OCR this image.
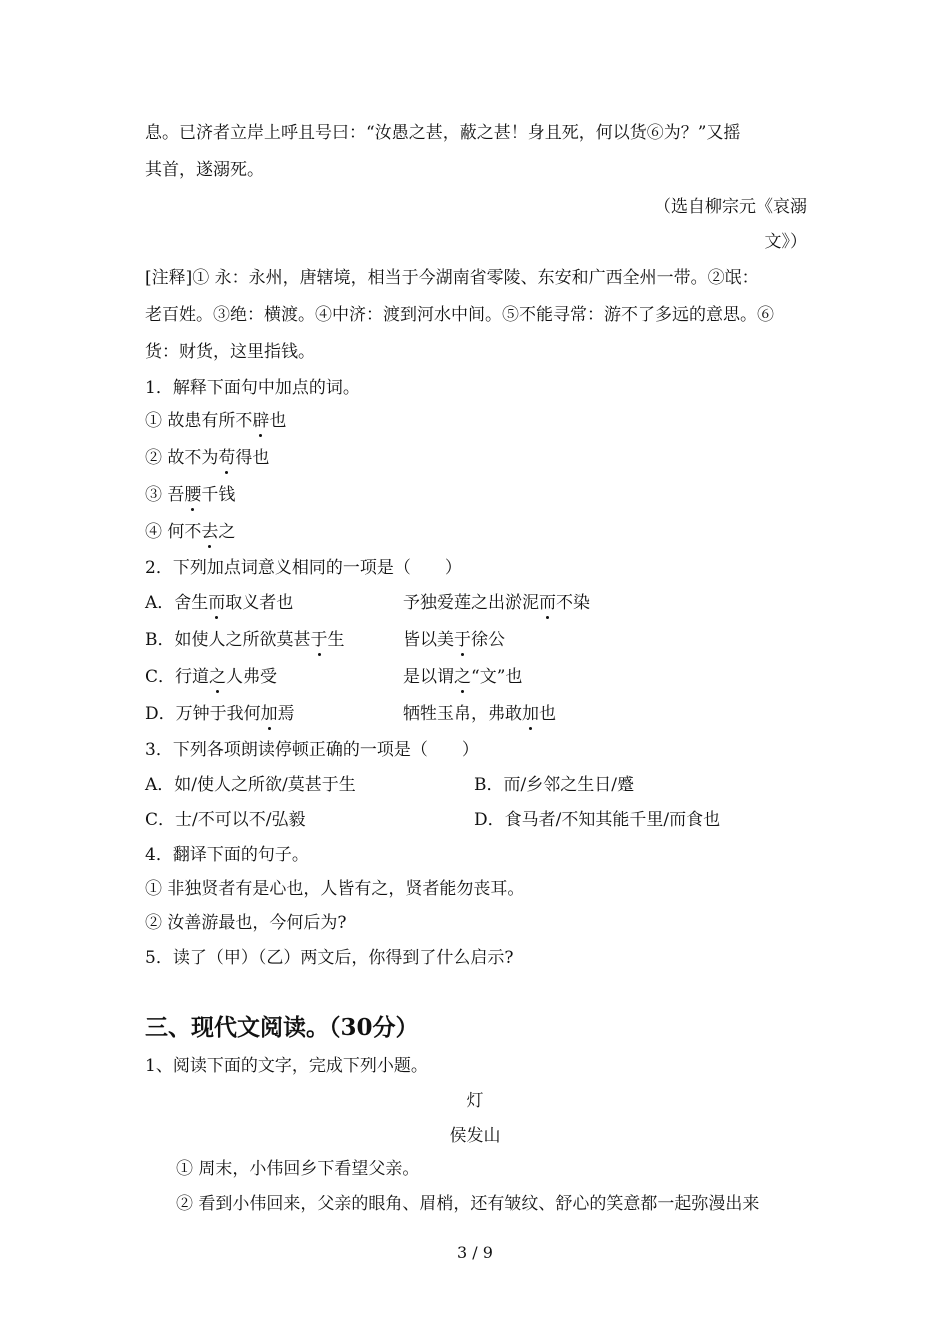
息。已济者立岸上呼且号曰：“汝愚之甚，蔽之甚！身且死，何以货⑥为？”又摇
其首，遂溺死。
（选自柳宗元《哀溺
文》）
[注释]① 永：永州，唐辖境，相当于今湖南省零陵、东安和广西全州一带。②氓：
老百姓。③绝：横渡。④中济：渡到河水中间。⑤不能寻常：游不了多远的意思。⑥
货：财货，这里指钱。
1．解释下面句中加点的词。
① 故患有所不辟也
② 故不为苟得也
③ 吾腰千钱
④ 何不去之
2．下列加点词意义相同的一项是（　　）
A．舍生而取义者也	予独爱莲之出淤泥而不染
B．如使人之所欲莫甚于生	皆以美于徐公
C．行道之人弗受	是以谓之“文”也
D．万钟于我何加焉	牺牲玉帛，弗敢加也
3．下列各项朗读停顿正确的一项是（　　）
A．如/使人之所欲/莫甚于生	B．而/乡邻之生日/蹙
C．士/不可以不/弘毅	D．食马者/不知其能千里/而食也
4．翻译下面的句子。
① 非独贤者有是心也，人皆有之，贤者能勿丧耳。
② 汝善游最也，今何后为?
5．读了（甲）（乙）两文后，你得到了什么启示?
三、现代文阅读。（30分）
1、阅读下面的文字，完成下列小题。
灯
侯发山
① 周末，小伟回乡下看望父亲。
② 看到小伟回来，父亲的眼角、眉梢，还有皱纹、舒心的笑意都一起弥漫出来
3 / 9
